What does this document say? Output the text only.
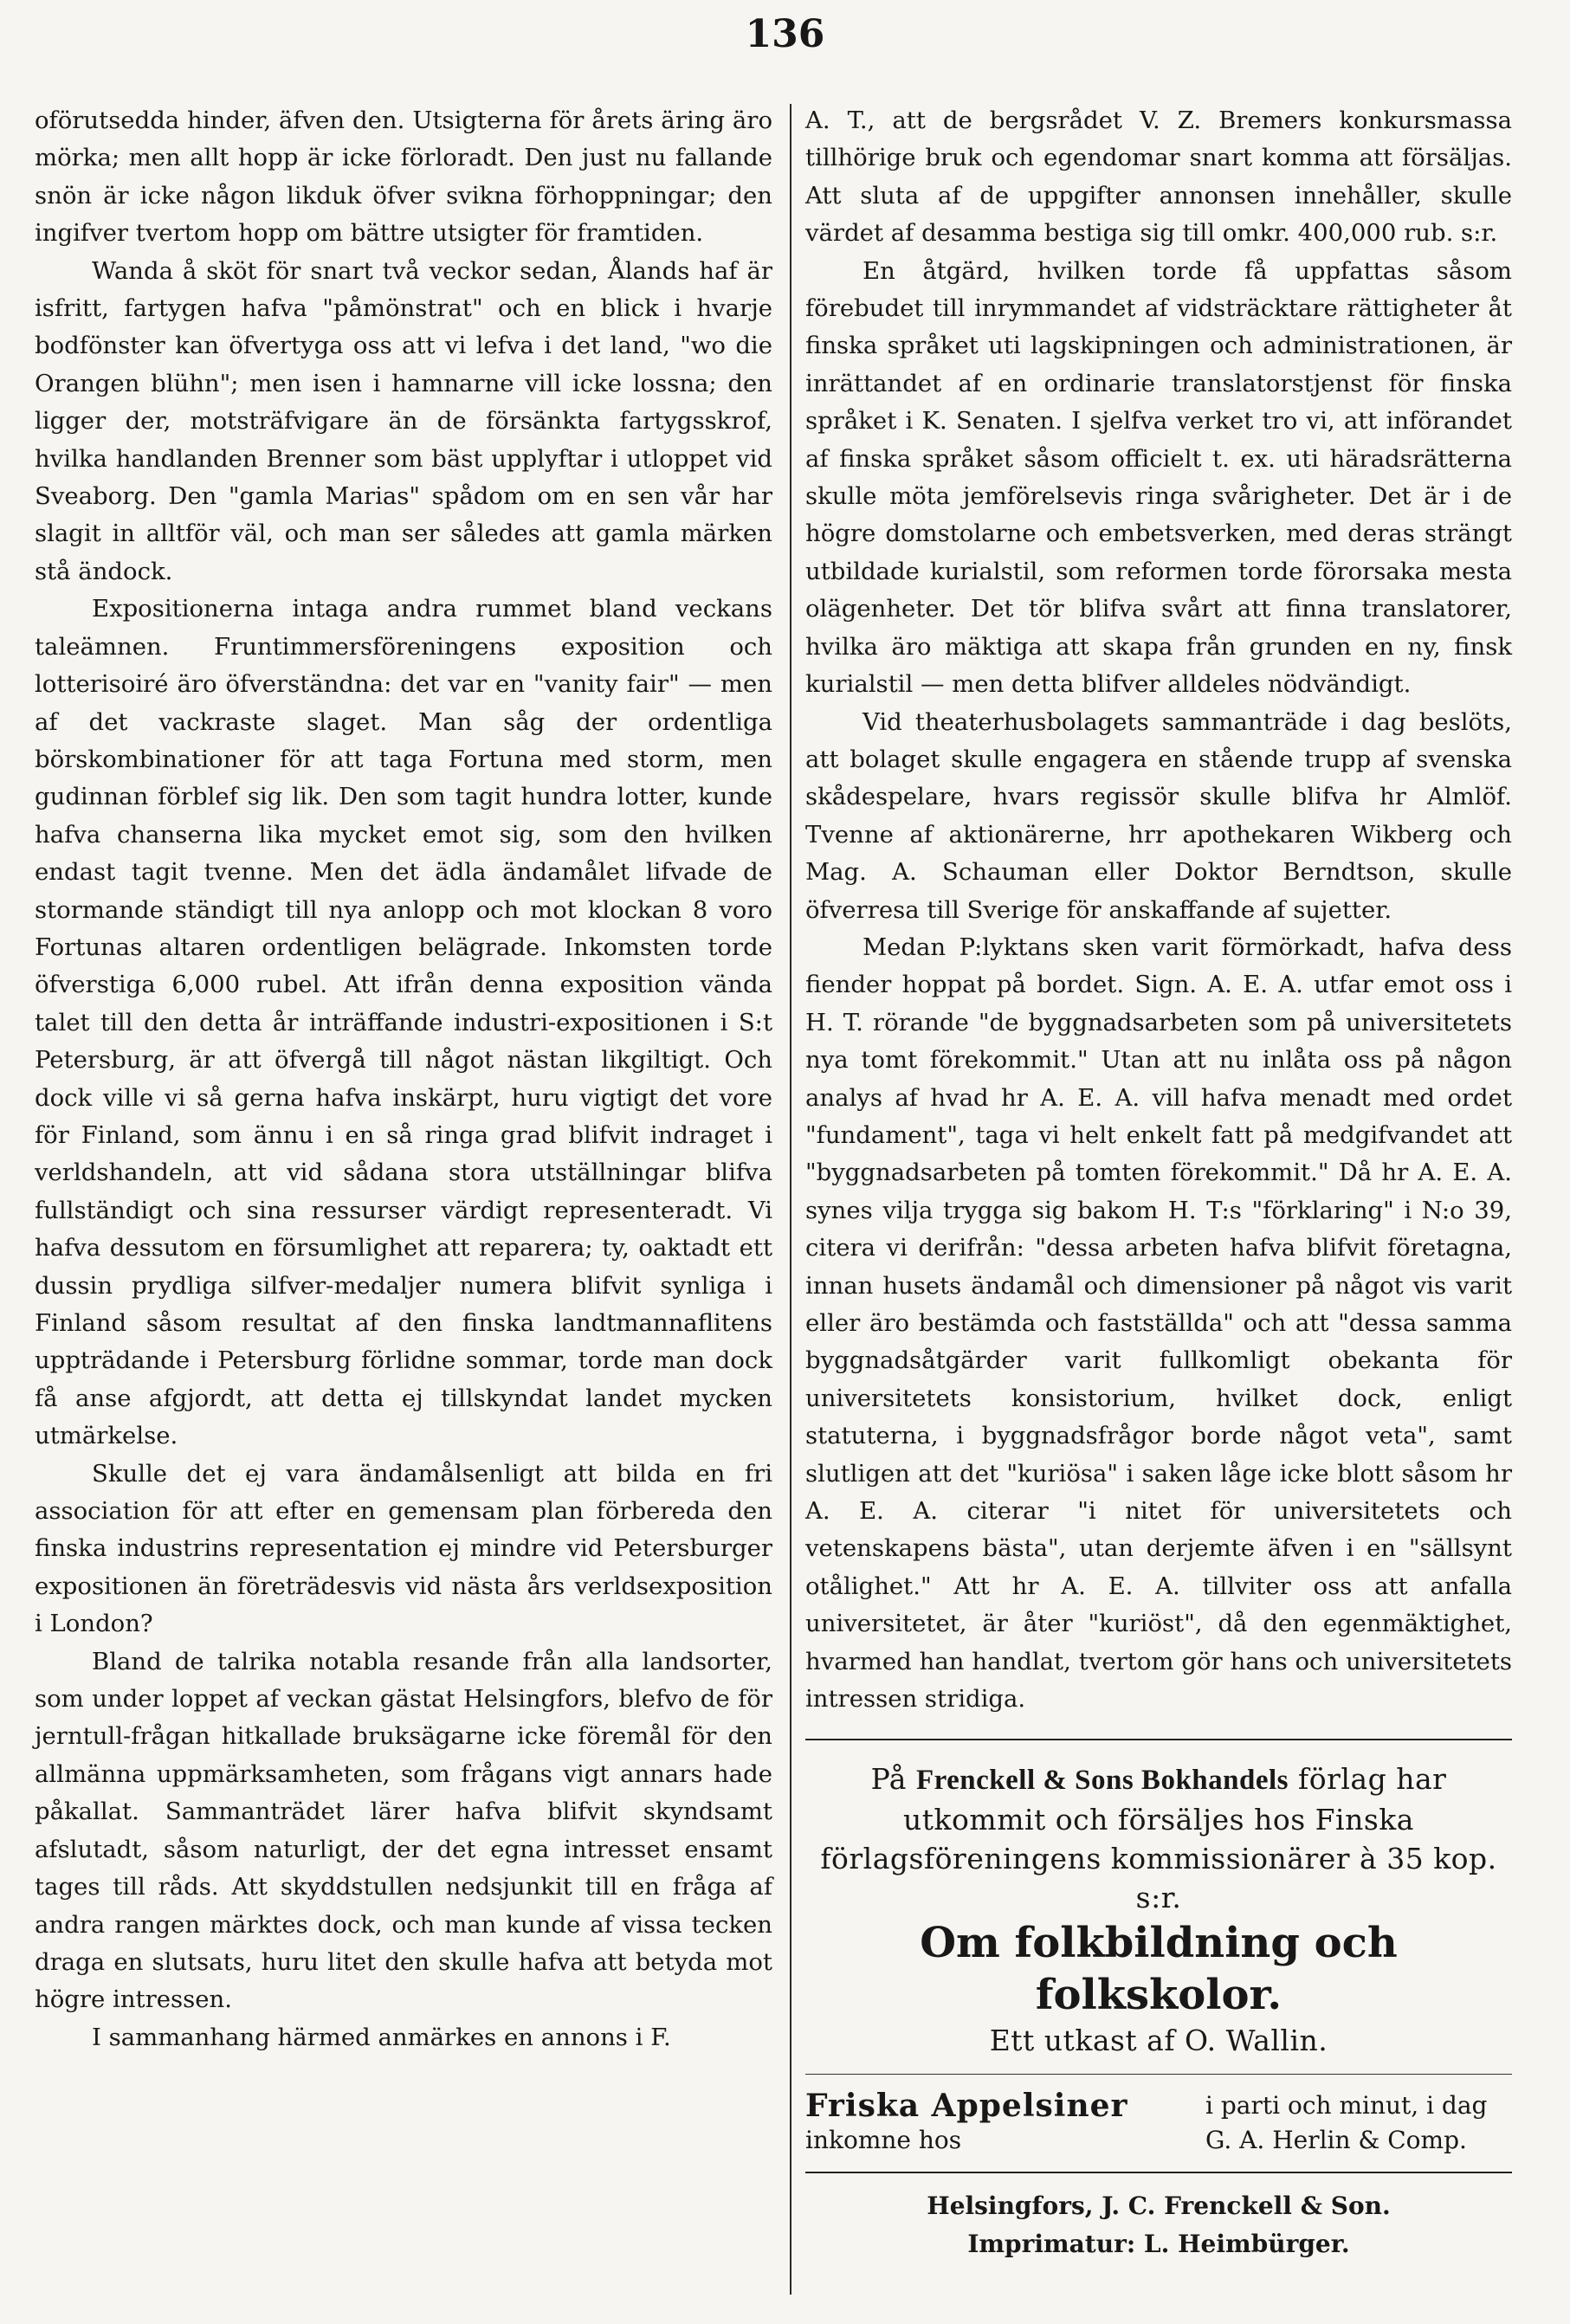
136

oförutsedda hinder, äfven den. Utsigterna för årets äring äro mörka; men allt hopp är icke förloradt. Den just nu fallande snön är icke någon likduk öfver svikna förhoppningar; den ingifver tvertom hopp om bättre utsigter för framtiden.

Wanda å sköt för snart två veckor sedan, Ålands haf är isfritt, fartygen hafva "påmönstrat" och en blick i hvarje bodfönster kan öfvertyga oss att vi lefva i det land, "wo die Orangen blühn"; men isen i hamnarne vill icke lossna; den ligger der, motsträfvigare än de försänkta fartygsskrof, hvilka handlanden Brenner som bäst upplyftar i utloppet vid Sveaborg. Den "gamla Marias" spådom om en sen vår har slagit in alltför väl, och man ser således att gamla märken stå ändock.

Expositionerna intaga andra rummet bland veckans taleämnen. Fruntimmersföreningens exposition och lotterisoiré äro öfverständna: det var en "vanity fair" — men af det vackraste slaget. Man såg der ordentliga börskombinationer för att taga Fortuna med storm, men gudinnan förblef sig lik. Den som tagit hundra lotter, kunde hafva chanserna lika mycket emot sig, som den hvilken endast tagit tvenne. Men det ädla ändamålet lifvade de stormande ständigt till nya anlopp och mot klockan 8 voro Fortunas altaren ordentligen belägrade. Inkomsten torde öfverstiga 6,000 rubel. Att ifrån denna exposition vända talet till den detta år inträffande industri-expositionen i S:t Petersburg, är att öfvergå till något nästan likgiltigt. Och dock ville vi så gerna hafva inskärpt, huru vigtigt det vore för Finland, som ännu i en så ringa grad blifvit indraget i verldshandeln, att vid sådana stora utställningar blifva fullständigt och sina ressurser värdigt representeradt. Vi hafva dessutom en försumlighet att reparera; ty, oaktadt ett dussin prydliga silfver-medaljer numera blifvit synliga i Finland såsom resultat af den finska landtmannaflitens uppträdande i Petersburg förlidne sommar, torde man dock få anse afgjordt, att detta ej tillskyndat landet mycken utmärkelse.

Skulle det ej vara ändamålsenligt att bilda en fri association för att efter en gemensam plan förbereda den finska industrins representation ej mindre vid Petersburger expositionen än företrädesvis vid nästa års verldsexposition i London?

Bland de talrika notabla resande från alla landsorter, som under loppet af veckan gästat Helsingfors, blefvo de för jerntull-frågan hitkallade bruksägarne icke föremål för den allmänna uppmärksamheten, som frågans vigt annars hade påkallat. Sammanträdet lärer hafva blifvit skyndsamt afslutadt, såsom naturligt, der det egna intresset ensamt tages till råds. Att skyddstullen nedsjunkit till en fråga af andra rangen märktes dock, och man kunde af vissa tecken draga en slutsats, huru litet den skulle hafva att betyda mot högre intressen.

I sammanhang härmed anmärkes en annons i F.

A. T., att de bergsrådet V. Z. Bremers konkursmassa tillhörige bruk och egendomar snart komma att försäljas. Att sluta af de uppgifter annonsen innehåller, skulle värdet af desamma bestiga sig till omkr. 400,000 rub. s:r.

En åtgärd, hvilken torde få uppfattas såsom förebudet till inrymmandet af vidsträcktare rättigheter åt finska språket uti lagskipningen och administrationen, är inrättandet af en ordinarie translatorstjenst för finska språket i K. Senaten. I sjelfva verket tro vi, att införandet af finska språket såsom officielt t. ex. uti häradsrätterna skulle möta jemförelsevis ringa svårigheter. Det är i de högre domstolarne och embetsverken, med deras strängt utbildade kurialstil, som reformen torde förorsaka mesta olägenheter. Det tör blifva svårt att finna translatorer, hvilka äro mäktiga att skapa från grunden en ny, finsk kurialstil — men detta blifver alldeles nödvändigt.

Vid theaterhusbolagets sammanträde i dag beslöts, att bolaget skulle engagera en stående trupp af svenska skådespelare, hvars regissör skulle blifva hr Almlöf. Tvenne af aktionärerne, hrr apothekaren Wikberg och Mag. A. Schauman eller Doktor Berndtson, skulle öfverresa till Sverige för anskaffande af sujetter.

Medan P:lyktans sken varit förmörkadt, hafva dess fiender hoppat på bordet. Sign. A. E. A. utfar emot oss i H. T. rörande "de byggnadsarbeten som på universitetets nya tomt förekommit." Utan att nu inlåta oss på någon analys af hvad hr A. E. A. vill hafva menadt med ordet "fundament", taga vi helt enkelt fatt på medgifvandet att "byggnadsarbeten på tomten förekommit." Då hr A. E. A. synes vilja trygga sig bakom H. T:s "förklaring" i N:o 39, citera vi derifrån: "dessa arbeten hafva blifvit företagna, innan husets ändamål och dimensioner på något vis varit eller äro bestämda och fastställda" och att "dessa samma byggnadsåtgärder varit fullkomligt obekanta för universitetets konsistorium, hvilket dock, enligt statuterna, i byggnadsfrågor borde något veta", samt slutligen att det "kuriösa" i saken låge icke blott såsom hr A. E. A. citerar "i nitet för universitetets och vetenskapens bästa", utan derjemte äfven i en "sällsynt otålighet." Att hr A. E. A. tillviter oss att anfalla universitetet, är åter "kuriöst", då den egenmäktighet, hvarmed han handlat, tvertom gör hans och universitetets intressen stridiga.

På Frenckell & Sons Bokhandels förlag har utkommit och försäljes hos Finska förlagsföreningens kommissionärer à 35 kop. s:r.
Om folkbildning och folkskolor.
Ett utkast af O. Wallin.
Friska Appelsiner
inkomne hos
i parti och minut, i dag
G. A. Herlin & Comp.
Helsingfors, J. C. Frenckell & Son.
Imprimatur: L. Heimbürger.
